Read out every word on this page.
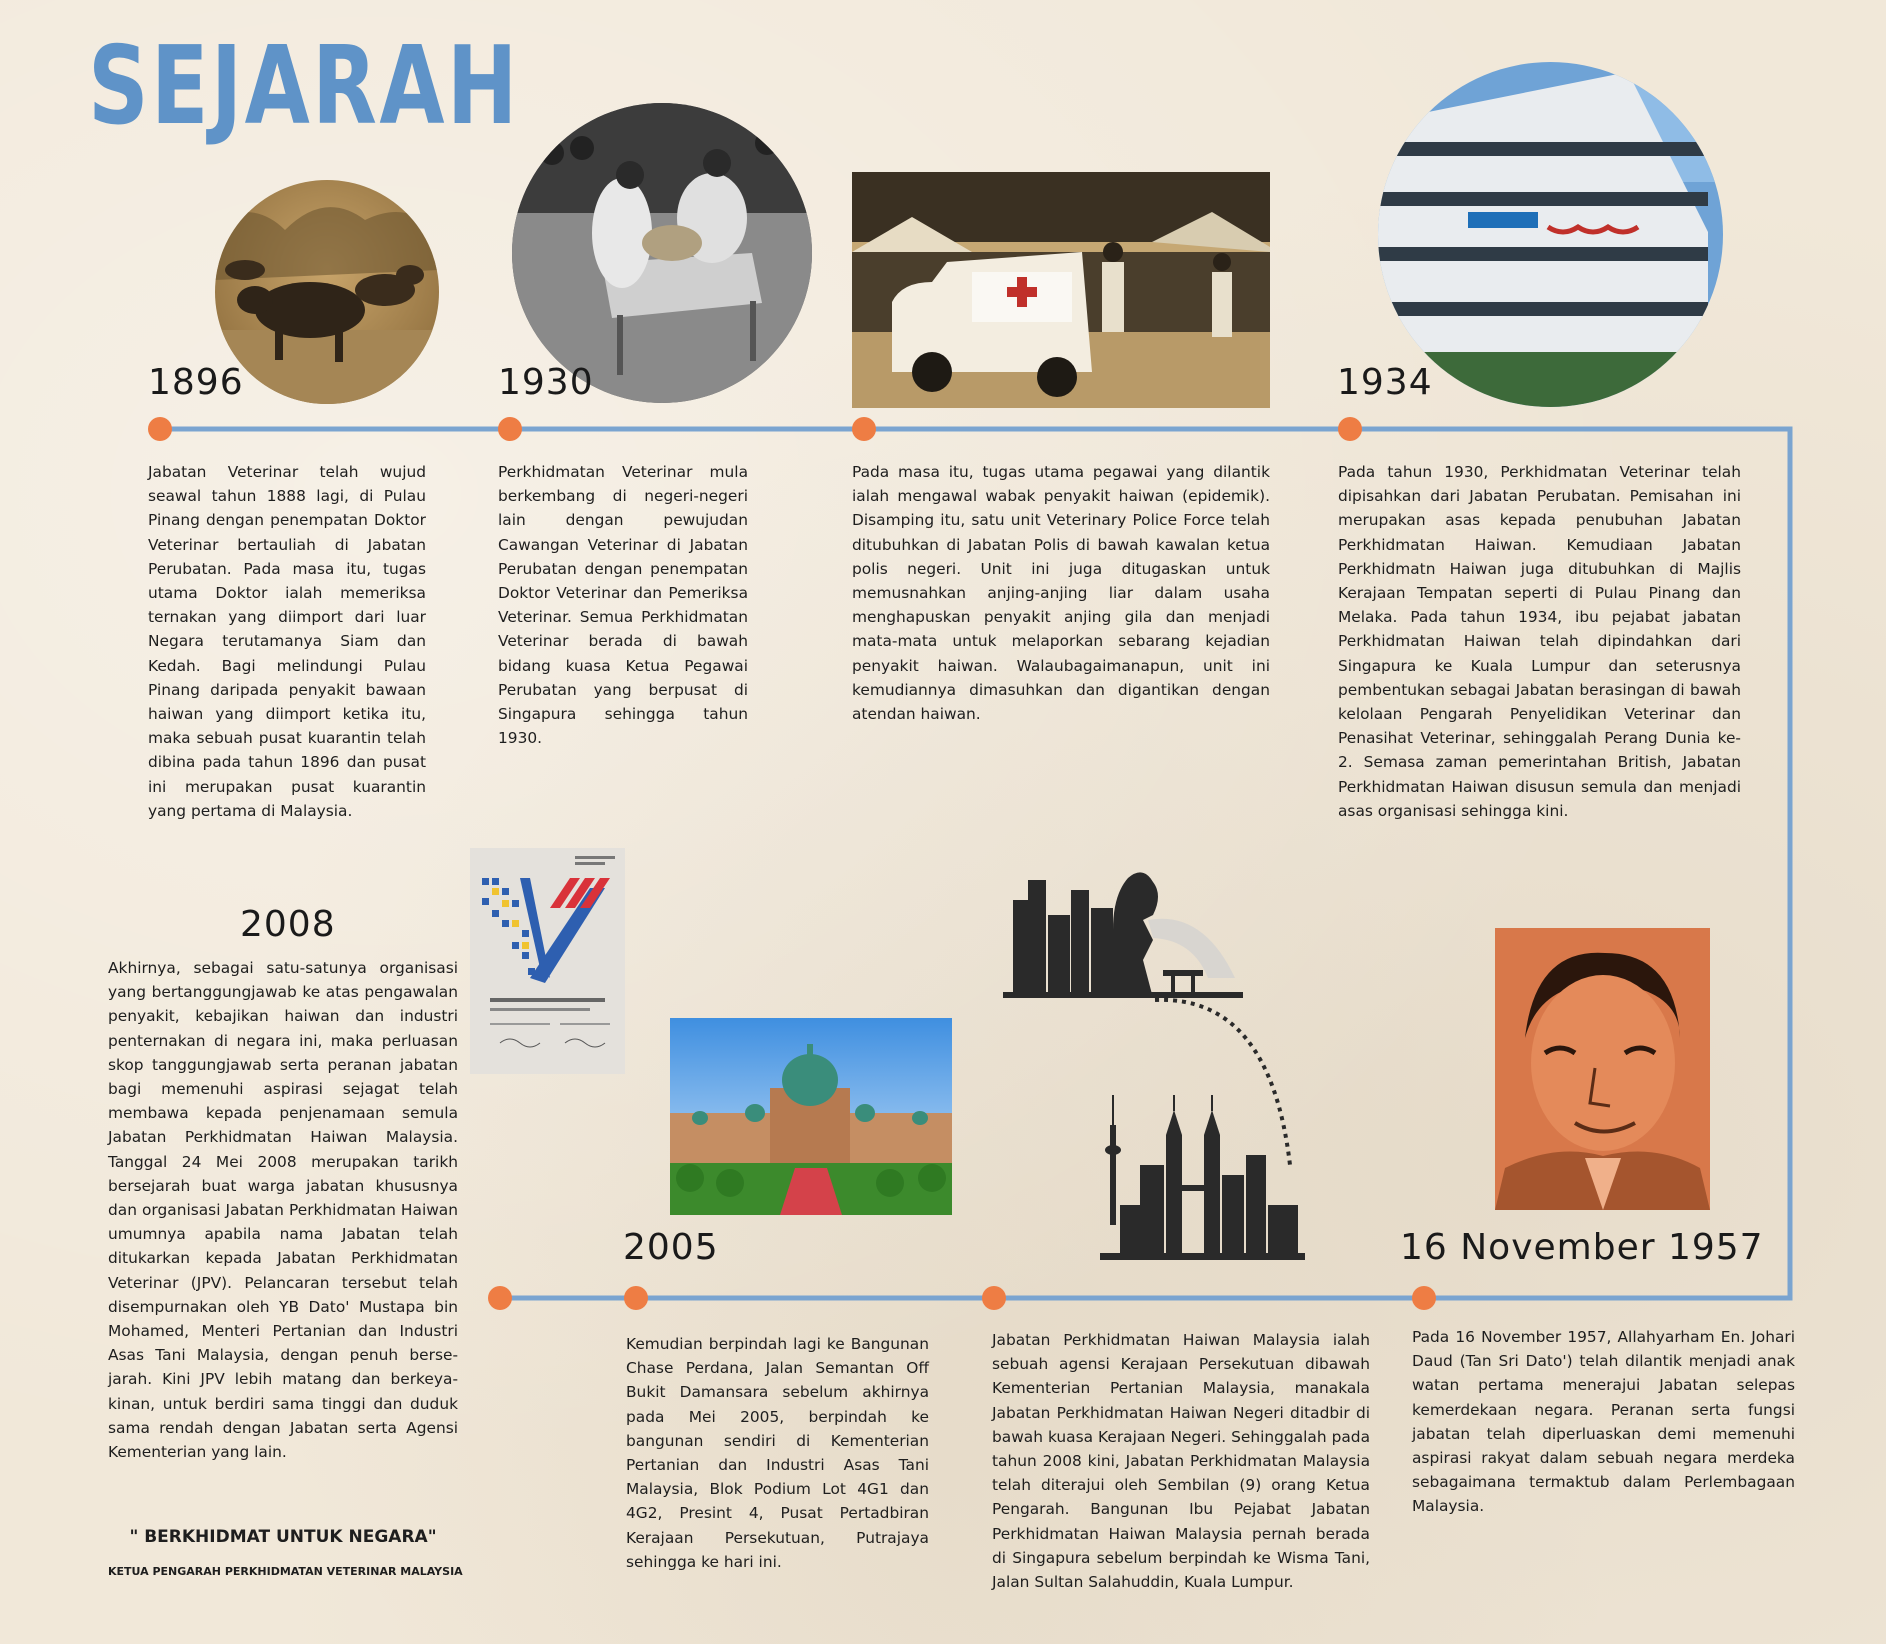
SEJARAH
1896	1930	1934

Jabatan Veterinar telah wujud seawal tahun 1888 lagi, di Pulau Pinang dengan penempatan Doktor Veterinar bertauliah di Jabatan Perubatan. Pada masa itu, tugas utama Doktor ialah memeriksa ternakan yang diimport dari luar Negara terutamanya Siam dan Kedah. Bagi melindungi Pulau Pinang daripada penyakit bawaan haiwan yang diimport ketika itu, maka sebuah pusat kuarantin telah dibina pada tahun 1896 dan pusat ini merupakan pusat kuarantin yang pertama di Malaysia.

Perkhidmatan Veterinar mula berkembang di negeri-negeri lain dengan pewujudan Cawangan Veterinar di Jabatan Perubatan dengan penempatan Doktor Veterinar dan Pemeriksa Veterinar. Semua Perkhidmatan Veterinar berada di bawah bidang kuasa Ketua Pegawai Perubatan yang berpusat di Singapura sehingga tahun 1930.

Pada masa itu, tugas utama pegawai yang dilantik ialah mengawal wabak penyakit haiwan (epidemik). Disamping itu, satu unit Veterinary Police Force telah ditubuhkan di Jabatan Polis di bawah kawalan ketua polis negeri. Unit ini juga ditugaskan untuk memusnahkan anjing-anjing liar dalam usaha menghapuskan penyakit anjing gila dan menjadi mata-mata untuk melaporkan sebarang kejadian penyakit haiwan. Walaubagaimanapun, unit ini kemudiannya dimasuhkan dan digantikan dengan atendan haiwan.

Pada tahun 1930, Perkhidmatan Veterinar telah dipisahkan dari Jabatan Perubatan. Pemisahan ini merupakan asas kepada penubuhan Jabatan Perkhidmatan Haiwan. Kemudiaan Jabatan Perkhidmatn Haiwan juga ditubuhkan di Majlis Kerajaan Tempatan seperti di Pulau Pinang dan Melaka. Pada tahun 1934, ibu pejabat jabatan Perkhidmatan Haiwan telah dipindahkan dari Singapura ke Kuala Lumpur dan seterusnya pembentukan sebagai Jabatan berasingan di bawah kelolaan Pengarah Penyelidikan Veterinar dan Penasihat Veterinar, sehinggalah Perang Dunia ke-2. Semasa zaman pemerintahan British, Jabatan Perkhidmatan Haiwan disusun semula dan menjadi asas organisasi sehingga kini.

2008

Akhirnya, sebagai satu-satunya organisasi yang bertanggungjawab ke atas pengawalan penyakit, kebajikan haiwan dan industri penternakan di negara ini, maka perluasan skop tanggungjawab serta peranan jabatan bagi memenuhi aspirasi sejagat telah membawa kepada penjenamaan semula Jabatan Perkhidmatan Haiwan Malaysia. Tanggal 24 Mei 2008 merupakan tarikh bersejarah buat warga jabatan khususnya dan organisasi Jabatan Perkhidmatan Haiwan umumnya apabila nama Jabatan telah ditukarkan kepada Jabatan Perkhidmatan Veterinar (JPV). Pelancaran tersebut telah disempurnakan oleh YB Dato' Mustapa bin Mohamed, Menteri Pertanian dan Industri Asas Tani Malaysia, dengan penuh bersejarah. Kini JPV lebih matang dan berkeyakinan, untuk berdiri sama tinggi dan duduk sama rendah dengan Jabatan serta Agensi Kementerian yang lain.

" BERKHIDMAT UNTUK NEGARA"
KETUA PENGARAH PERKHIDMATAN VETERINAR MALAYSIA
2005	16 November 1957

Kemudian berpindah lagi ke Bangunan Chase Perdana, Jalan Semantan Off Bukit Damansara sebelum akhirnya pada Mei 2005, berpindah ke bangunan sendiri di Kementerian Pertanian dan Industri Asas Tani Malaysia, Blok Podium Lot 4G1 dan 4G2, Presint 4, Pusat Pertadbiran Kerajaan Persekutuan, Putrajaya sehingga ke hari ini.

Jabatan Perkhidmatan Haiwan Malaysia ialah sebuah agensi Kerajaan Persekutuan dibawah Kementerian Pertanian Malaysia, manakala Jabatan Perkhidmatan Haiwan Negeri ditadbir di bawah kuasa Kerajaan Negeri. Sehinggalah pada tahun 2008 kini, Jabatan Perkhidmatan Malaysia telah diterajui oleh Sembilan (9) orang Ketua Pengarah. Bangunan Ibu Pejabat Jabatan Perkhidmatan Haiwan Malaysia pernah berada di Singapura sebelum berpindah ke Wisma Tani, Jalan Sultan Salahuddin, Kuala Lumpur.

Pada 16 November 1957, Allahyarham En. Johari Daud (Tan Sri Dato') telah dilantik menjadi anak watan pertama menerajui Jabatan selepas kemerdekaan negara. Peranan serta fungsi jabatan telah diperluaskan demi memenuhi aspirasi rakyat dalam sebuah negara merdeka sebagaimana termaktub dalam Perlembagaan Malaysia.
